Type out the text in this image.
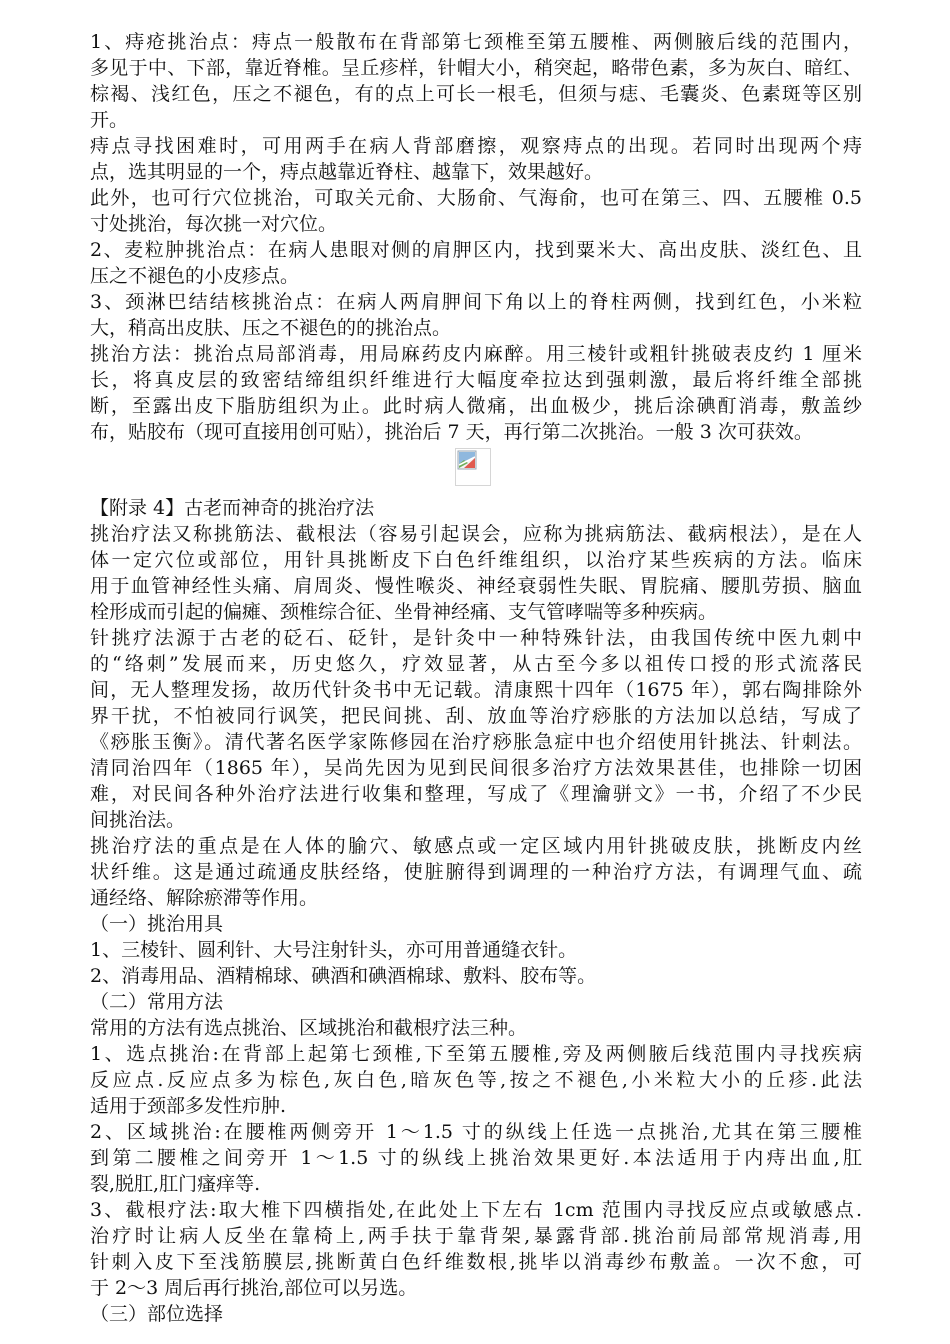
1、痔疮挑治点：痔点一般散布在背部第七颈椎至第五腰椎、两侧腋后线的范围内，
多见于中、下部，靠近脊椎。呈丘疹样，针帽大小，稍突起，略带色素，多为灰白、暗红、
棕褐、浅红色，压之不褪色，有的点上可长一根毛，但须与痣、毛囊炎、色素斑等区别
开。
痔点寻找困难时，可用两手在病人背部磨擦，观察痔点的出现。若同时出现两个痔
点，选其明显的一个，痔点越靠近脊柱、越靠下，效果越好。
此外，也可行穴位挑治，可取关元俞、大肠俞、气海俞，也可在第三、四、五腰椎 0.5
寸处挑治，每次挑一对穴位。
2、麦粒肿挑治点：在病人患眼对侧的肩胛区内，找到粟米大、高出皮肤、淡红色、且
压之不褪色的小皮疹点。
3、颈淋巴结结核挑治点：在病人两肩胛间下角以上的脊柱两侧，找到红色，小米粒
大，稍高出皮肤、压之不褪色的的挑治点。
挑治方法：挑治点局部消毒，用局麻药皮内麻醉。用三棱针或粗针挑破表皮约 1 厘米
长，将真皮层的致密结缔组织纤维进行大幅度牵拉达到强刺激，最后将纤维全部挑
断，至露出皮下脂肪组织为止。此时病人微痛，出血极少，挑后涂碘酊消毒，敷盖纱
布，贴胶布（现可直接用创可贴），挑治后 7 天，再行第二次挑治。一般 3 次可获效。
【附录 4】古老而神奇的挑治疗法
挑治疗法又称挑筋法、截根法（容易引起误会，应称为挑病筋法、截病根法），是在人
体一定穴位或部位，用针具挑断皮下白色纤维组织，以治疗某些疾病的方法。临床
用于血管神经性头痛、肩周炎、慢性喉炎、神经衰弱性失眠、胃脘痛、腰肌劳损、脑血
栓形成而引起的偏瘫、颈椎综合征、坐骨神经痛、支气管哮喘等多种疾病。
针挑疗法源于古老的砭石、砭针，是针灸中一种特殊针法，由我国传统中医九刺中
的“络刺”发展而来，历史悠久，疗效显著，从古至今多以祖传口授的形式流落民
间，无人整理发扬，故历代针灸书中无记载。清康熙十四年（1675 年），郭右陶排除外
界干扰，不怕被同行讽笑，把民间挑、刮、放血等治疗痧胀的方法加以总结，写成了
《痧胀玉衡》。清代著名医学家陈修园在治疗痧胀急症中也介绍使用针挑法、针刺法。
清同治四年（1865 年），吴尚先因为见到民间很多治疗方法效果甚佳，也排除一切困
难，对民间各种外治疗法进行收集和整理，写成了《理瀹骈文》一书，介绍了不少民
间挑治法。
挑治疗法的重点是在人体的腧穴、敏感点或一定区域内用针挑破皮肤，挑断皮内丝
状纤维。这是通过疏通皮肤经络，使脏腑得到调理的一种治疗方法，有调理气血、疏
通经络、解除瘀滞等作用。
（一）挑治用具
1、三棱针、圆利针、大号注射针头，亦可用普通缝衣针。
2、消毒用品、酒精棉球、碘酒和碘酒棉球、敷料、胶布等。
（二）常用方法
常用的方法有选点挑治、区域挑治和截根疗法三种。
1、选点挑治:在背部上起第七颈椎,下至第五腰椎,旁及两侧腋后线范围内寻找疾病
反应点.反应点多为棕色,灰白色,暗灰色等,按之不褪色,小米粒大小的丘疹.此法
适用于颈部多发性疖肿.
2、区域挑治:在腰椎两侧旁开 1～1.5 寸的纵线上任选一点挑治,尤其在第三腰椎
到第二腰椎之间旁开 1～1.5 寸的纵线上挑治效果更好.本法适用于内痔出血,肛
裂,脱肛,肛门瘙痒等.
3、截根疗法:取大椎下四横指处,在此处上下左右 1cm 范围内寻找反应点或敏感点.
治疗时让病人反坐在靠椅上,两手扶于靠背架,暴露背部.挑治前局部常规消毒,用
针刺入皮下至浅筋膜层,挑断黄白色纤维数根,挑毕以消毒纱布敷盖。一次不愈，可
于 2～3 周后再行挑治,部位可以另选。
（三）部位选择
